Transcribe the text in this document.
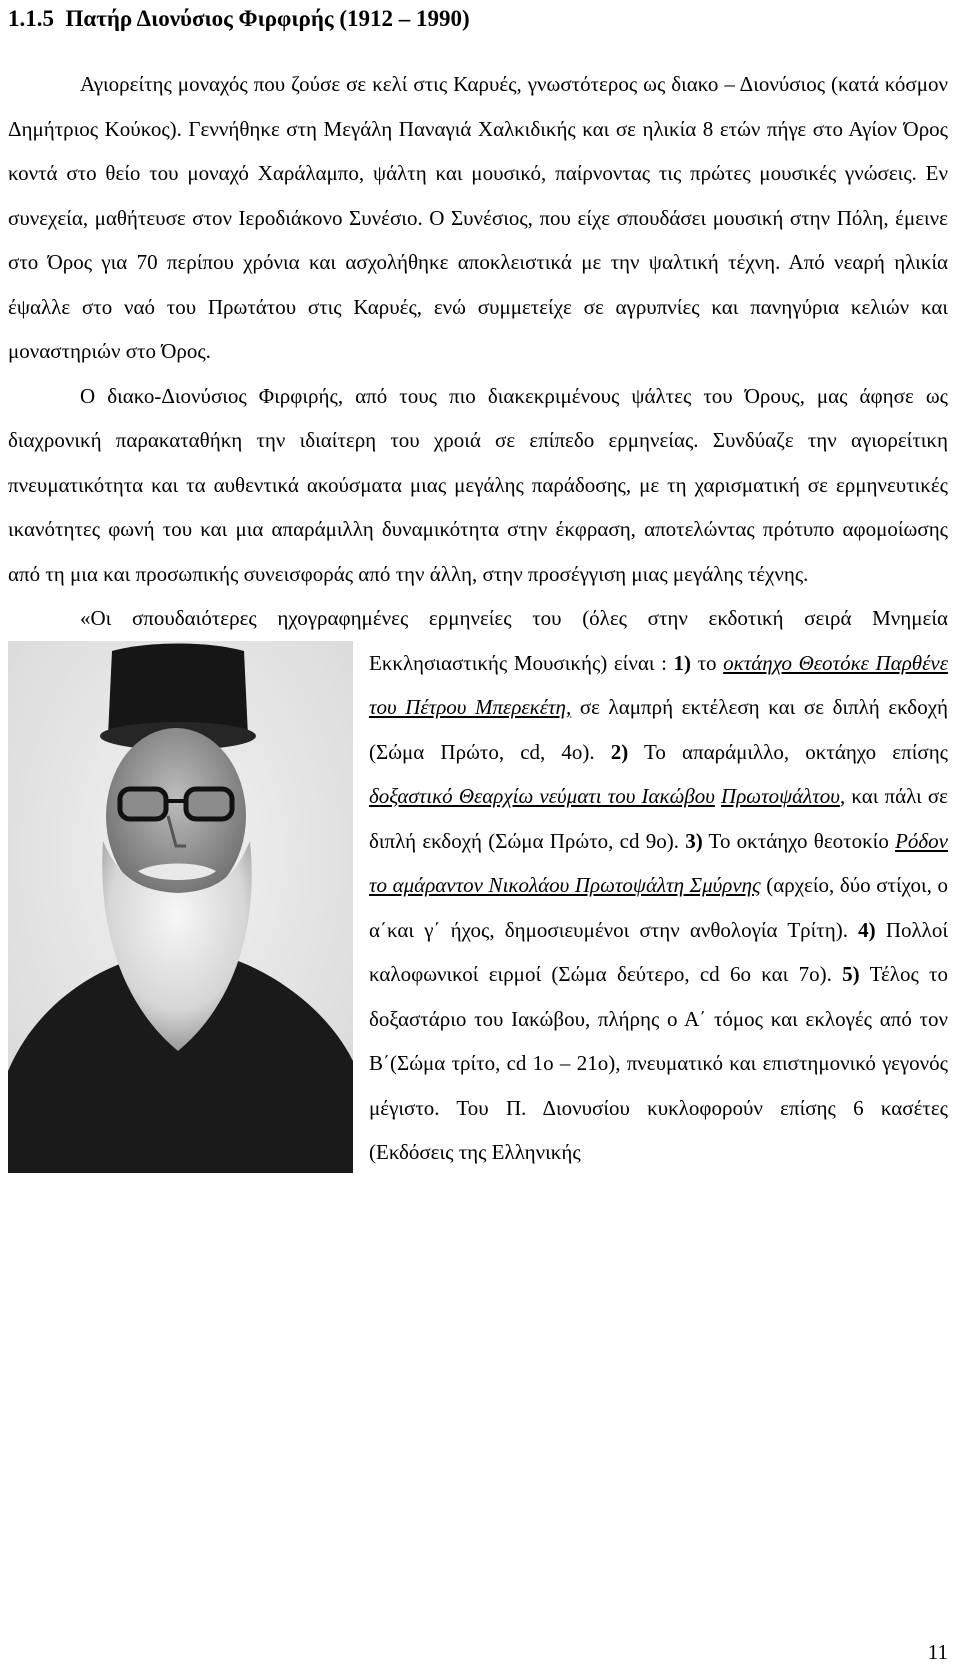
1.1.5 Πατήρ Διονύσιος Φιρφιρής (1912 – 1990)

Αγιορείτης μοναχός που ζούσε σε κελί στις Καρυές, γνωστότερος ως διακο – Διονύσιος (κατά κόσμον Δημήτριος Κούκος). Γεννήθηκε στη Μεγάλη Παναγιά Χαλκιδικής και σε ηλικία 8 ετών πήγε στο Αγίον Όρος κοντά στο θείο του μοναχό Χαράλαμπο, ψάλτη και μουσικό, παίρνοντας τις πρώτες μουσικές γνώσεις. Εν συνεχεία, μαθήτευσε στον Ιεροδιάκονο Συνέσιο. Ο Συνέσιος, που είχε σπουδάσει μουσική στην Πόλη, έμεινε στο Όρος για 70 περίπου χρόνια και ασχολήθηκε αποκλειστικά με την ψαλτική τέχνη. Από νεαρή ηλικία έψαλλε στο ναό του Πρωτάτου στις Καρυές, ενώ συμμετείχε σε αγρυπνίες και πανηγύρια κελιών και μοναστηριών στο Όρος.

Ο διακο-Διονύσιος Φιρφιρής, από τους πιο διακεκριμένους ψάλτες του Όρους, μας άφησε ως διαχρονική παρακαταθήκη την ιδιαίτερη του χροιά σε επίπεδο ερμηνείας. Συνδύαζε την αγιορείτικη πνευματικότητα και τα αυθεντικά ακούσματα μιας μεγάλης παράδοσης, με τη χαρισματική σε ερμηνευτικές ικανότητες φωνή του και μια απαράμιλλη δυναμικότητα στην έκφραση, αποτελώντας πρότυπο αφομοίωσης από τη μια και προσωπικής συνεισφοράς από την άλλη, στην προσέγγιση μιας μεγάλης τέχνης.

«Οι σπουδαιότερες ηχογραφημένες ερμηνείες του (όλες στην εκδοτική σειρά
Μνημεία Εκκλησιαστικής Μουσικής) είναι : 1) το οκτάηχο Θεοτόκε Παρθένε του Πέτρου Μπερεκέτη, σε λαμπρή εκτέλεση και σε διπλή εκδοχή (Σώμα Πρώτο, cd, 4ο). 2) Το απαράμιλλο, οκτάηχο επίσης δοξαστικό Θεαρχίω νεύματι του Ιακώβου Πρωτοψάλτου, και πάλι σε διπλή εκδοχή (Σώμα Πρώτο, cd 9ο). 3) Το οκτάηχο θεοτοκίο Ρόδον το αμάραντον Νικολάου Πρωτοψάλτη Σμύρνης (αρχείο, δύο στίχοι, ο α΄και γ΄ ήχος, δημοσιευμένοι στην ανθολογία Τρίτη). 4) Πολλοί καλοφωνικοί ειρμοί (Σώμα δεύτερο, cd 6ο και 7ο). 5) Τέλος το δοξαστάριο του Ιακώβου, πλήρης ο Α΄ τόμος και εκλογές από τον Β΄(Σώμα τρίτο, cd 1ο – 21ο), πνευματικό και επιστημονικό γεγονός μέγιστο. Του Π. Διονυσίου κυκλοφορούν επίσης 6 κασέτες (Εκδόσεις της Ελληνικής

11
